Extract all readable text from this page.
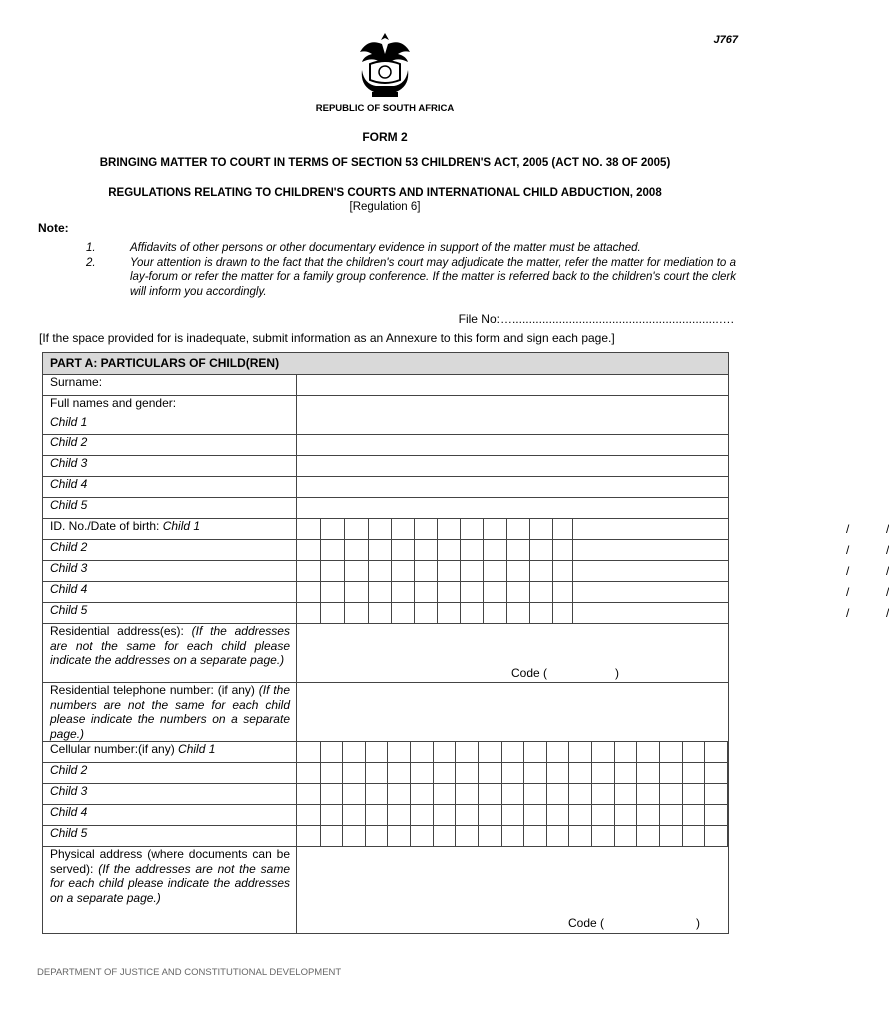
J767
REPUBLIC OF SOUTH AFRICA
FORM 2
BRINGING MATTER TO COURT IN TERMS OF SECTION 53 CHILDREN'S ACT, 2005 (ACT NO. 38 OF 2005)
REGULATIONS RELATING TO CHILDREN'S COURTS AND INTERNATIONAL CHILD ABDUCTION, 2008
[Regulation 6]
Note:
1.	Affidavits of other persons or other documentary evidence in support of the matter must be attached.
2.	Your attention is drawn to the fact that the children's court may adjudicate the matter, refer the matter for mediation to a lay-forum or refer the matter for a family group conference. If the matter is referred back to the children's court the clerk will inform you accordingly.
File No:…..............................................................….
[If the space provided for is inadequate, submit information as an Annexure to this form and sign each page.]
PART A: PARTICULARS OF CHILD(REN)	
Surname:	

Full names and gender:
Child 1	

Child 2	
Child 3	
Child 4	
Child 5	
ID. No./Date of birth: Child 1	/

Child 2	/

Child 3	/

Child 4	/

Child 5	/

Residential address(es): (If the addresses are not the same for each child please indicate the addresses on a separate page.)	Code ( )

Residential telephone number: (if any) (If the numbers are not the same for each child please indicate the numbers on a separate page.)	
Cellular number:(if any) Child 1	

Child 2	

Child 3	

Child 4	

Child 5	

Physical address (where documents can be served): (If the addresses are not the same for each child please indicate the addresses on a separate page.)	Code ( )
DEPARTMENT OF JUSTICE AND CONSTITUTIONAL DEVELOPMENT
